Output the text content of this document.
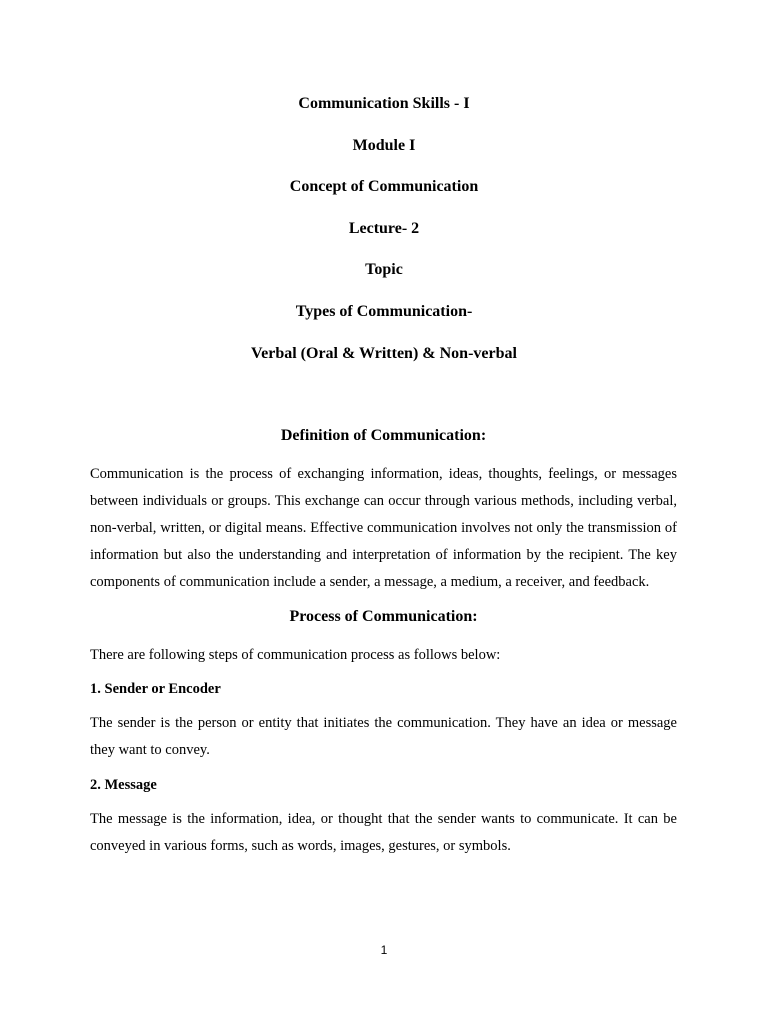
Communication Skills - I

Module I

Concept of Communication

Lecture- 2

Topic

Types of Communication-

Verbal (Oral & Written) & Non-verbal

Definition of Communication:

Communication is the process of exchanging information, ideas, thoughts, feelings, or messages between individuals or groups. This exchange can occur through various methods, including verbal, non-verbal, written, or digital means. Effective communication involves not only the transmission of information but also the understanding and interpretation of information by the recipient. The key components of communication include a sender, a message, a medium, a receiver, and feedback.

Process of Communication:

There are following steps of communication process as follows below:

1. Sender or Encoder

The sender is the person or entity that initiates the communication. They have an idea or message they want to convey.

2. Message

The message is the information, idea, or thought that the sender wants to communicate. It can be conveyed in various forms, such as words, images, gestures, or symbols.

1
